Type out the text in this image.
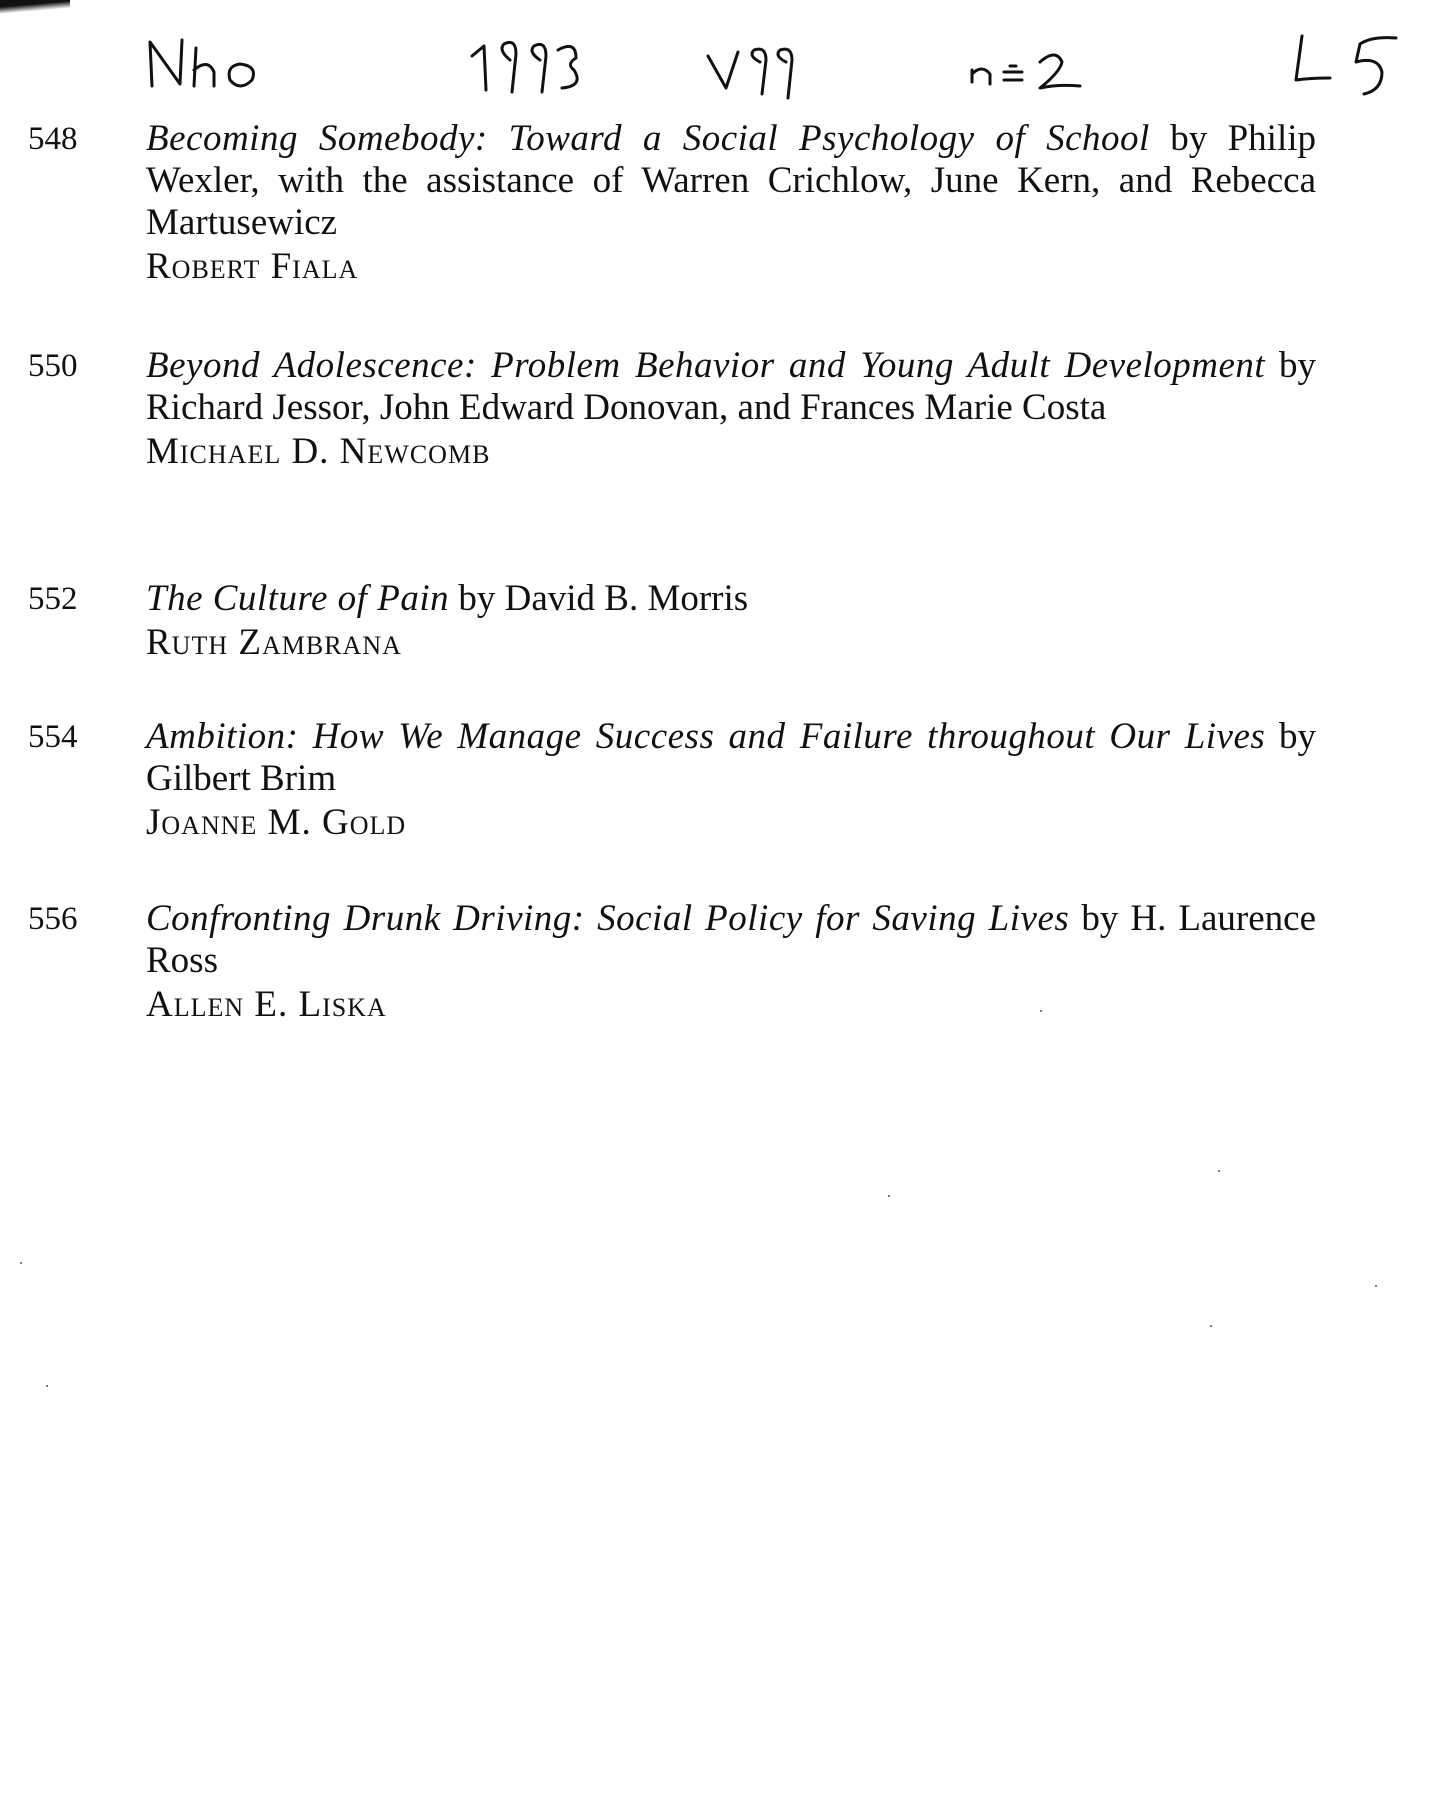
548 Becoming Somebody: Toward a Social Psychology of School by Philip Wexler, with the assistance of Warren Crichlow, June Kern, and Rebecca Martusewicz
Robert Fiala
550 Beyond Adolescence: Problem Behavior and Young Adult Development by Richard Jessor, John Edward Donovan, and Frances Marie Costa
Michael D. Newcomb
552 The Culture of Pain by David B. Morris
Ruth Zambrana
554 Ambition: How We Manage Success and Failure throughout Our Lives by Gilbert Brim
Joanne M. Gold
556 Confronting Drunk Driving: Social Policy for Saving Lives by H. Laurence Ross
Allen E. Liska
